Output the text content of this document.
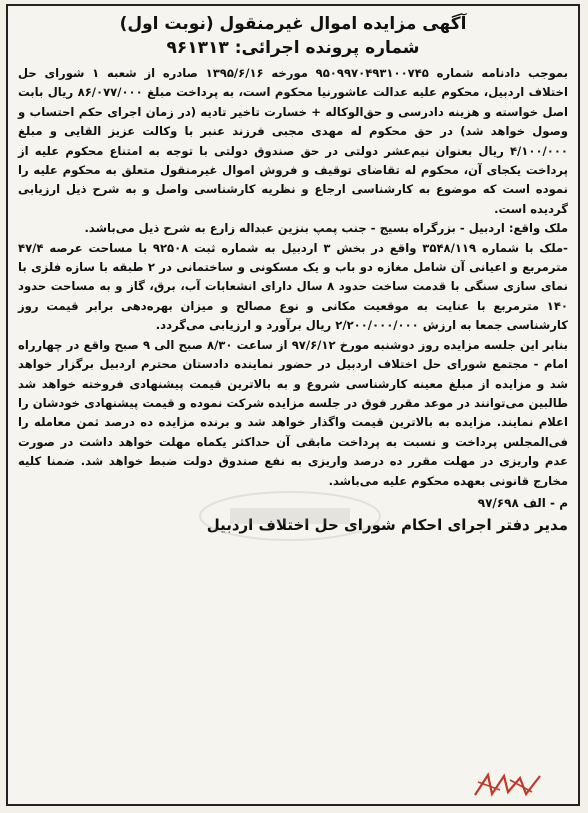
آگهی مزایده اموال غیرمنقول (نوبت اول)

شماره پرونده اجرائی: ۹۶۱۳۱۳

بموجب دادنامه شماره ۹۵۰۹۹۷۰۴۹۳۱۰۰۷۴۵ مورخه ۱۳۹۵/۶/۱۶ صادره از شعبه ۱ شورای حل اختلاف اردبیل، محکوم علیه عدالت عاشورنیا محکوم است، به پرداخت مبلغ ۸۶/۰۷۷/۰۰۰ ریال بابت اصل خواسته و هزینه دادرسی و حق‌الوکاله + خسارت تاخیر تادیه (در زمان اجرای حکم احتساب و وصول خواهد شد) در حق محکوم له مهدی مجبی فرزند عنبر با وکالت عزیز القایی و مبلغ ۴/۱۰۰/۰۰۰ ریال بعنوان نیم‌عشر دولتی در حق صندوق دولتی با توجه به امتناع محکوم علیه از پرداخت یکجای آن، محکوم له تقاضای توقیف و فروش اموال غیرمنقول متعلق به محکوم علیه را نموده است که موضوع به کارشناسی ارجاع و نظریه کارشناسی واصل و به شرح ذیل ارزیابی گردیده است.

ملک واقع: اردبیل - بزرگراه بسیج - جنب پمپ بنزین عبداله زارع به شرح ذیل می‌باشد.

-ملک با شماره ۳۵۴۸/۱۱۹ واقع در بخش ۳ اردبیل به شماره ثبت ۹۲۵۰۸ با مساحت عرصه ۴۷/۴ مترمربع و اعیانی آن شامل مغازه دو باب و یک مسکونی و ساختمانی در ۲ طبقه با سازه فلزی با نمای سازی سنگی با قدمت ساخت حدود ۸ سال دارای انشعابات آب، برق، گاز و به مساحت حدود ۱۴۰ مترمربع با عنایت به موقعیت مکانی و نوع مصالح و میزان بهره‌دهی برابر قیمت روز کارشناسی جمعا به ارزش ۲/۲۰۰/۰۰۰/۰۰۰ ریال برآورد و ارزیابی می‌گردد.

بنابر این جلسه مزایده روز دوشنبه مورخ ۹۷/۶/۱۲ از ساعت ۸/۳۰ صبح الی ۹ صبح واقع در چهارراه امام - مجتمع شورای حل اختلاف اردبیل در حضور نماینده دادستان محترم اردبیل برگزار خواهد شد و مزایده از مبلغ معینه کارشناسی شروع و به بالاترین قیمت پیشنهادی فروخته خواهد شد طالبین می‌توانند در موعد مقرر فوق در جلسه مزایده شرکت نموده و قیمت پیشنهادی خودشان را اعلام نمایند. مزایده به بالاترین قیمت واگذار خواهد شد و برنده مزایده ده درصد ثمن معامله را فی‌المجلس پرداخت و نسبت به پرداخت مابقی آن حداکثر یکماه مهلت خواهد داشت در صورت عدم واریزی در مهلت مقرر ده درصد واریزی به نفع صندوق دولت ضبط خواهد شد. ضمنا کلیه مخارج قانونی بعهده محکوم علیه می‌باشد.

م - الف ۹۷/۶۹۸

مدیر دفتر اجرای احکام شورای حل اختلاف اردبیل
